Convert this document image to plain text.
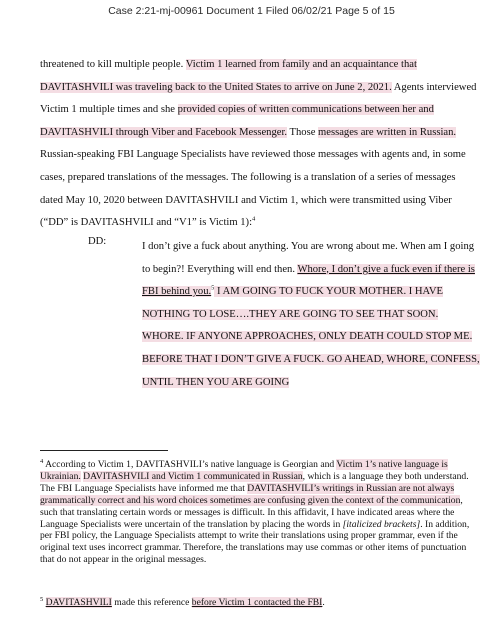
Case 2:21-mj-00961 Document 1 Filed 06/02/21 Page 5 of 15
threatened to kill multiple people. Victim 1 learned from family and an acquaintance that DAVITASHVILI was traveling back to the United States to arrive on June 2, 2021. Agents interviewed Victim 1 multiple times and she provided copies of written communications between her and DAVITASHVILI through Viber and Facebook Messenger. Those messages are written in Russian. Russian-speaking FBI Language Specialists have reviewed those messages with agents and, in some cases, prepared translations of the messages. The following is a translation of a series of messages dated May 10, 2020 between DAVITASHVILI and Victim 1, which were transmitted using Viber (“DD” is DAVITASHVILI and “V1” is Victim 1):$^4$
DD:	I don’t give a fuck about anything. You are wrong about me. When am I going to begin?! Everything will end then. Whore, I don’t give a fuck even if there is FBI behind you.$^5$ I AM GOING TO FUCK YOUR MOTHER. I HAVE NOTHING TO LOSE….THEY ARE GOING TO SEE THAT SOON. WHORE. IF ANYONE APPROACHES, ONLY DEATH COULD STOP ME. BEFORE THAT I DON’T GIVE A FUCK. GO AHEAD, WHORE, CONFESS, UNTIL THEN YOU ARE GOING
$^4$ According to Victim 1, DAVITASHVILI’s native language is Georgian and Victim 1’s native language is Ukrainian. DAVITASHVILI and Victim 1 communicated in Russian, which is a language they both understand. The FBI Language Specialists have informed me that DAVITASHVILI’s writings in Russian are not always grammatically correct and his word choices sometimes are confusing given the context of the communication, such that translating certain words or messages is difficult. In this affidavit, I have indicated areas where the Language Specialists were uncertain of the translation by placing the words in [italicized brackets]. In addition, per FBI policy, the Language Specialists attempt to write their translations using proper grammar, even if the original text uses incorrect grammar. Therefore, the translations may use commas or other items of punctuation that do not appear in the original messages.
$^5$ DAVITASHVILI made this reference before Victim 1 contacted the FBI.
